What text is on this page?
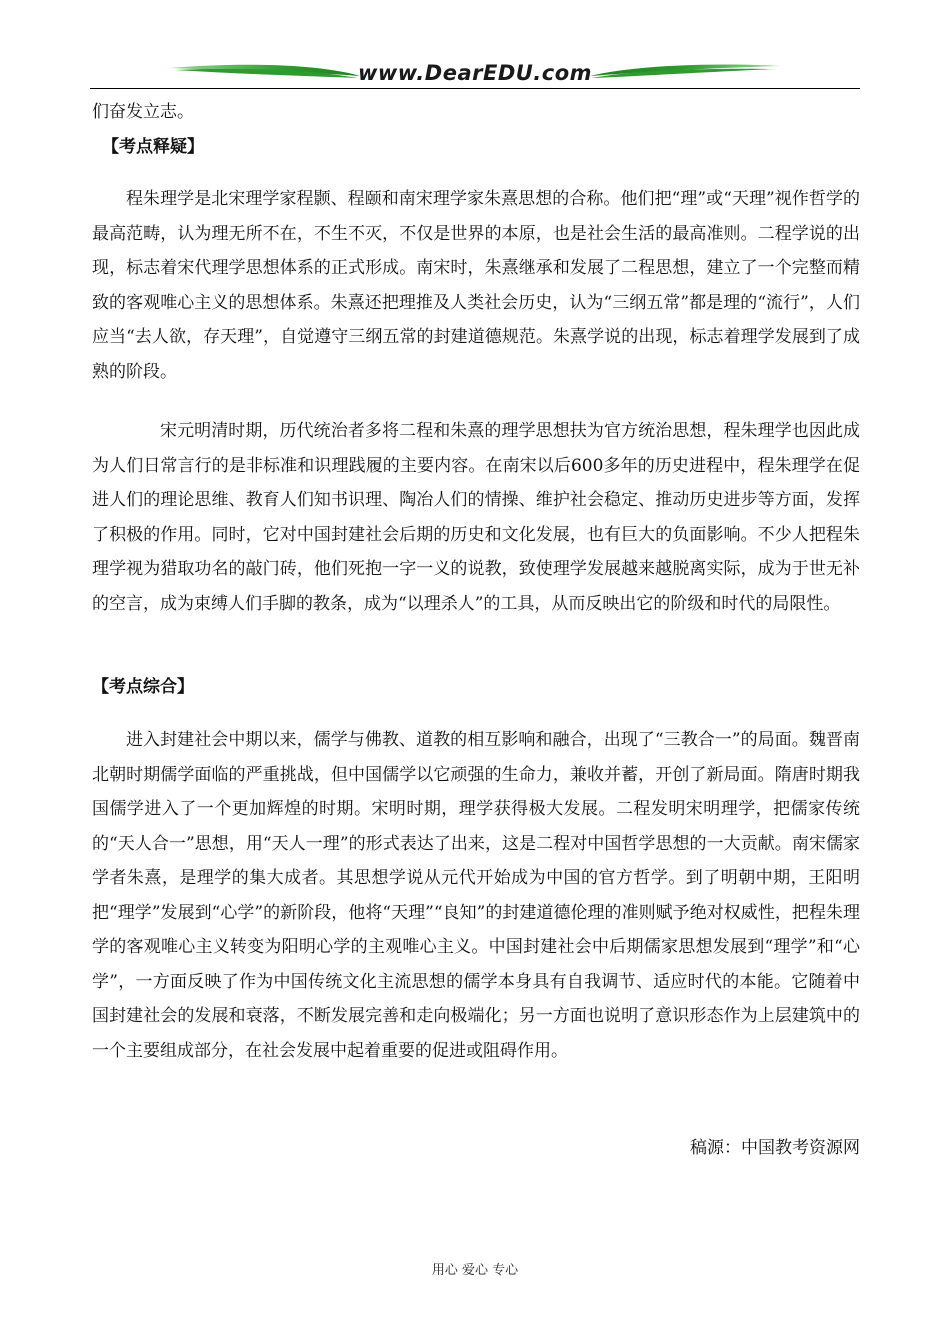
www.DearEDU.com
们奋发立志。
【考点释疑】

程朱理学是北宋理学家程颢、程颐和南宋理学家朱熹思想的合称。他们把“理”或“天理”视作哲学的最高范畴，认为理无所不在，不生不灭，不仅是世界的本原，也是社会生活的最高准则。二程学说的出现，标志着宋代理学思想体系的正式形成。南宋时，朱熹继承和发展了二程思想，建立了一个完整而精致的客观唯心主义的思想体系。朱熹还把理推及人类社会历史，认为“三纲五常”都是理的“流行”，人们应当“去人欲，存天理”，自觉遵守三纲五常的封建道德规范。朱熹学说的出现，标志着理学发展到了成熟的阶段。

宋元明清时期，历代统治者多将二程和朱熹的理学思想扶为官方统治思想，程朱理学也因此成为人们日常言行的是非标准和识理践履的主要内容。在南宋以后600多年的历史进程中，程朱理学在促进人们的理论思维、教育人们知书识理、陶冶人们的情操、维护社会稳定、推动历史进步等方面，发挥了积极的作用。同时，它对中国封建社会后期的历史和文化发展，也有巨大的负面影响。不少人把程朱理学视为猎取功名的敲门砖，他们死抱一字一义的说教，致使理学发展越来越脱离实际，成为于世无补的空言，成为束缚人们手脚的教条，成为“以理杀人”的工具，从而反映出它的阶级和时代的局限性。

【考点综合】

进入封建社会中期以来，儒学与佛教、道教的相互影响和融合，出现了“三教合一”的局面。魏晋南北朝时期儒学面临的严重挑战，但中国儒学以它顽强的生命力，兼收并蓄，开创了新局面。隋唐时期我国儒学进入了一个更加辉煌的时期。宋明时期，理学获得极大发展。二程发明宋明理学，把儒家传统的“天人合一”思想，用“天人一理”的形式表达了出来，这是二程对中国哲学思想的一大贡献。南宋儒家学者朱熹，是理学的集大成者。其思想学说从元代开始成为中国的官方哲学。到了明朝中期，王阳明把“理学”发展到“心学”的新阶段，他将“天理”“良知”的封建道德伦理的准则赋予绝对权威性，把程朱理学的客观唯心主义转变为阳明心学的主观唯心主义。中国封建社会中后期儒家思想发展到“理学”和“心学”，一方面反映了作为中国传统文化主流思想的儒学本身具有自我调节、适应时代的本能。它随着中国封建社会的发展和衰落，不断发展完善和走向极端化；另一方面也说明了意识形态作为上层建筑中的一个主要组成部分，在社会发展中起着重要的促进或阻碍作用。

稿源：中国教考资源网
用心 爱心 专心
